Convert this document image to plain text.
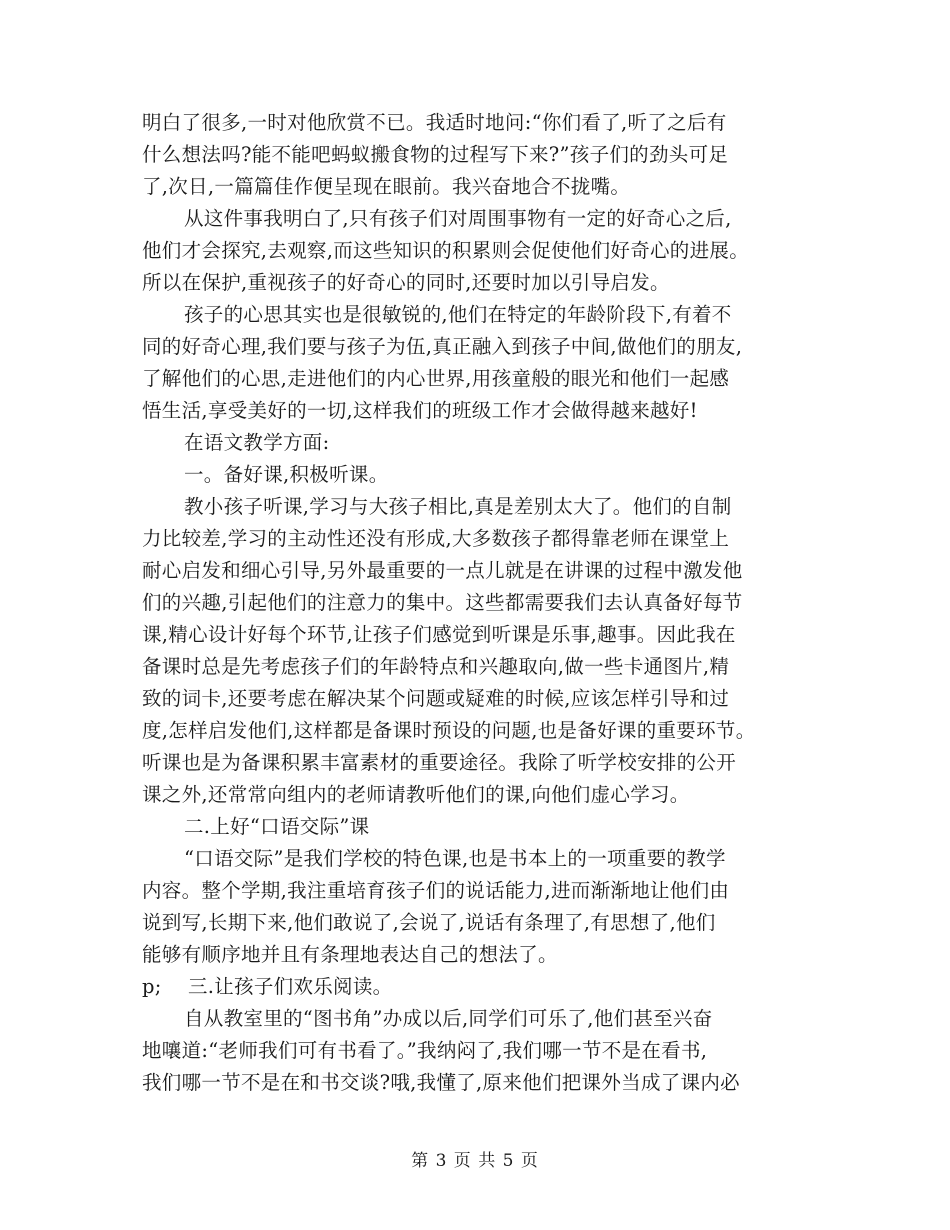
明白了很多,一时对他欣赏不已。我适时地问:“你们看了,听了之后有
什么想法吗?能不能吧蚂蚁搬食物的过程写下来?”孩子们的劲头可足
了,次日,一篇篇佳作便呈现在眼前。我兴奋地合不拢嘴。
从这件事我明白了,只有孩子们对周围事物有一定的好奇心之后,
他们才会探究,去观察,而这些知识的积累则会促使他们好奇心的进展。
所以在保护,重视孩子的好奇心的同时,还要时加以引导启发。
孩子的心思其实也是很敏锐的,他们在特定的年龄阶段下,有着不
同的好奇心理,我们要与孩子为伍,真正融入到孩子中间,做他们的朋友,
了解他们的心思,走进他们的内心世界,用孩童般的眼光和他们一起感
悟生活,享受美好的一切,这样我们的班级工作才会做得越来越好!
在语文教学方面:
一。备好课,积极听课。
教小孩子听课,学习与大孩子相比,真是差别太大了。他们的自制
力比较差,学习的主动性还没有形成,大多数孩子都得靠老师在课堂上
耐心启发和细心引导,另外最重要的一点儿就是在讲课的过程中激发他
们的兴趣,引起他们的注意力的集中。这些都需要我们去认真备好每节
课,精心设计好每个环节,让孩子们感觉到听课是乐事,趣事。因此我在
备课时总是先考虑孩子们的年龄特点和兴趣取向,做一些卡通图片,精
致的词卡,还要考虑在解决某个问题或疑难的时候,应该怎样引导和过
度,怎样启发他们,这样都是备课时预设的问题,也是备好课的重要环节。
听课也是为备课积累丰富素材的重要途径。我除了听学校安排的公开
课之外,还常常向组内的老师请教听他们的课,向他们虚心学习。
二.上好“口语交际”课
“口语交际”是我们学校的特色课,也是书本上的一项重要的教学
内容。整个学期,我注重培育孩子们的说话能力,进而渐渐地让他们由
说到写,长期下来,他们敢说了,会说了,说话有条理了,有思想了,他们
能够有顺序地并且有条理地表达自己的想法了。
p;　 三.让孩子们欢乐阅读。
自从教室里的“图书角”办成以后,同学们可乐了,他们甚至兴奋
地嚷道:“老师我们可有书看了。”我纳闷了,我们哪一节不是在看书,
我们哪一节不是在和书交谈?哦,我懂了,原来他们把课外当成了课内必
第 3 页 共 5 页
